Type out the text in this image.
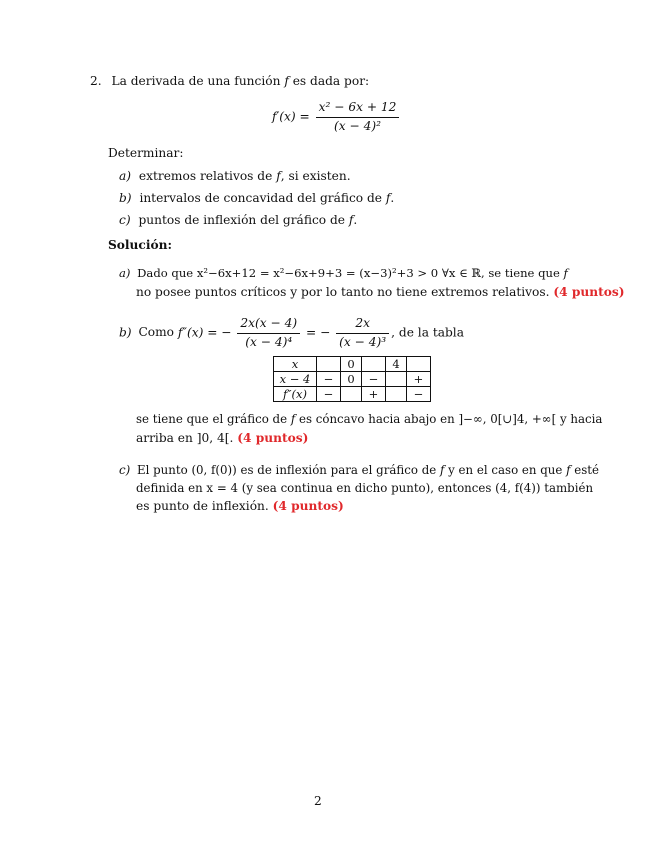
2. La derivada de una función f es dada por:
$f'(x) = \frac{\text{x² − 6x + 12}}{\text{(x − 4)²}}$
Determinar:
a) extremos relativos de f, si existen.
b) intervalos de concavidad del gráfico de f.
c) puntos de inflexión del gráfico de f.
Solución:
a) Dado que x²−6x+12 = x²−6x+9+3 = (x−3)²+3 > 0 ∀x ∈ ℝ, se tiene que f
no posee puntos críticos y por lo tanto no tiene extremos relativos. (4 puntos)
b) Como f″(x) = − $\frac{2x(x - 4)}{\text{(x − 4)⁴}}$ = − $\frac{2x}{\text{(x − 4)³}}$ , de la tabla
x		0		4	
x − 4	−	0	−		+
f″(x)	−		+		−
se tiene que el gráfico de f es cóncavo hacia abajo en ]−∞, 0[∪]4, +∞[ y hacia
arriba en ]0, 4[. (4 puntos)
c) El punto (0, f(0)) es de inflexión para el gráfico de f y en el caso en que f esté
definida en x = 4 (y sea continua en dicho punto), entonces (4, f(4)) también
es punto de inflexión. (4 puntos)
2
